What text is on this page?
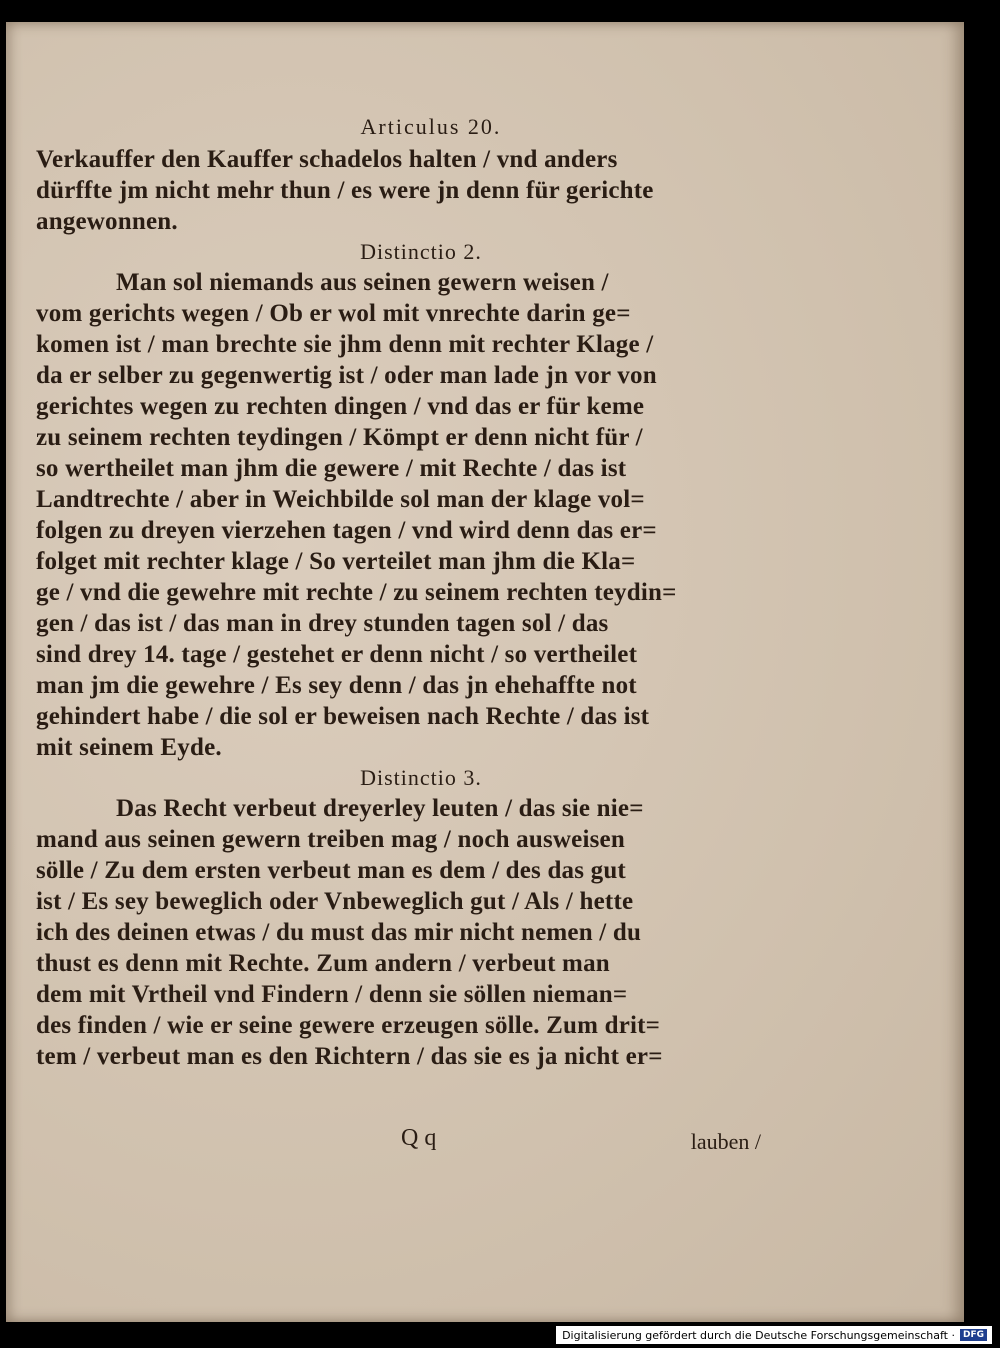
Articulus 20.

Verkauffer den Kauffer schadelos halten / vnd anders

dürffte jm nicht mehr thun / es were jn denn für gerichte

angewonnen.

Distinctio 2.

Man sol niemands aus seinen gewern weisen /

vom gerichts wegen / Ob er wol mit vnrechte darin ge=

komen ist / man brechte sie jhm denn mit rechter Klage /

da er selber zu gegenwertig ist / oder man lade jn vor von

gerichtes wegen zu rechten dingen / vnd das er für keme

zu seinem rechten teydingen / Kömpt er denn nicht für /

so wertheilet man jhm die gewere / mit Rechte / das ist

Landtrechte / aber in Weichbilde sol man der klage vol=

folgen zu dreyen vierzehen tagen / vnd wird denn das er=

folget mit rechter klage / So verteilet man jhm die Kla=

ge / vnd die gewehre mit rechte / zu seinem rechten teydin=

gen / das ist / das man in drey stunden tagen sol / das

sind drey 14. tage / gestehet er denn nicht / so vertheilet

man jm die gewehre / Es sey denn / das jn ehehaffte not

gehindert habe / die sol er beweisen nach Rechte / das ist

mit seinem Eyde.

Distinctio 3.

Das Recht verbeut dreyerley leuten / das sie nie=

mand aus seinen gewern treiben mag / noch ausweisen

sölle / Zu dem ersten verbeut man es dem / des das gut

ist / Es sey beweglich oder Vnbeweglich gut / Als / hette

ich des deinen etwas / du must das mir nicht nemen / du

thust es denn mit Rechte. Zum andern / verbeut man

dem mit Vrtheil vnd Findern / denn sie söllen nieman=

des finden / wie er seine gewere erzeugen sölle. Zum drit=

tem / verbeut man es den Richtern / das sie es ja nicht er=

Q q	lauben /
Digitalisierung gefördert durch die Deutsche Forschungsgemeinschaft · DFG
